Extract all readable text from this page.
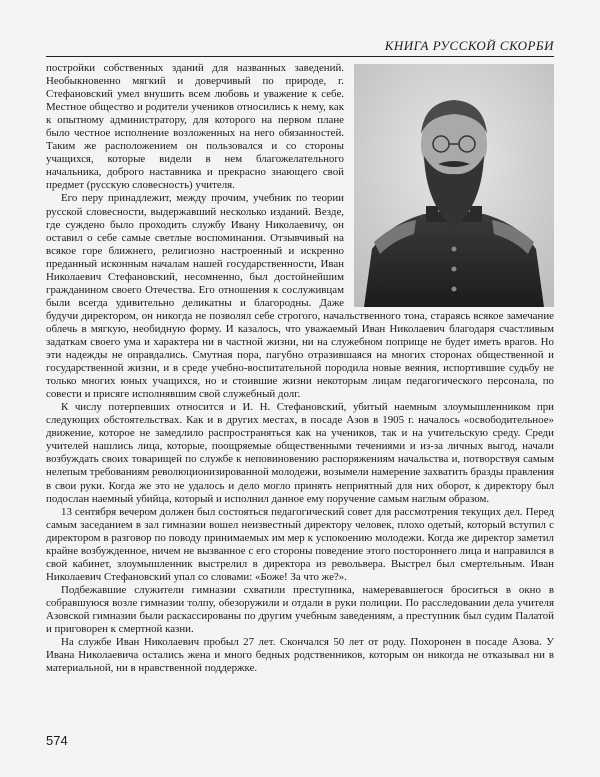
КНИГА РУССКОЙ СКОРБИ

постройки собственных зданий для названных заведений. Необыкновенно мягкий и доверчивый по природе, г. Стефановский умел внушить всем любовь и уважение к себе. Местное общество и родители учеников относились к нему, как к опытному администратору, для которого на первом плане было честное исполнение возложенных на него обязанностей. Таким же расположением он пользовался и со стороны учащихся, которые видели в нем благожелательного начальника, доброго наставника и прекрасно знающего свой предмет (русскую словесность) учителя.

Его перу принадлежит, между прочим, учебник по теории русской словесности, выдержавший несколько изданий. Везде, где суждено было проходить службу Ивану Николаевичу, он оставил о себе самые светлые воспоминания. Отзывчивый на всякое горе ближнего, религиозно настроенный и искренно преданный исконным началам нашей государственности, Иван Николаевич Стефановский, несомненно, был достойнейшим гражданином своего Отечества. Его отношения к сослуживцам были всегда удивительно деликатны и благородны. Даже будучи директором, он никогда не позволял себе строгого, начальственного тона, стараясь всякое замечание облечь в мягкую, необидную форму. И казалось, что уважаемый Иван Николаевич благодаря счастливым задаткам своего ума и характера ни в частной жизни, ни на служебном поприще не будет иметь врагов. Но эти надежды не оправдались. Смутная пора, пагубно отразившаяся на многих сторонах общественной и государственной жизни, и в среде учебно-воспитательной породила новые веяния, испортившие судьбу не только многих юных учащихся, но и стоившие жизни некоторым лицам педагогического персонала, по совести и присяге исполнявшим свой служебный долг.

К числу потерпевших относится и И. Н. Стефановский, убитый наемным злоумышленником при следующих обстоятельствах. Как и в других местах, в посаде Азов в 1905 г. началось «освободительное» движение, которое не замедлило распространяться как на учеников, так и на учительскую среду. Среди учителей нашлись лица, которые, поощряемые общественными течениями и из-за личных выгод, начали возбуждать своих товарищей по службе к неповиновению распоряжениям начальства и, потворствуя самым нелепым требованиям революционизированной молодежи, возымели намерение захватить бразды правления в свои руки. Когда же это не удалось и дело могло принять неприятный для них оборот, к директору был подослан наемный убийца, который и исполнил данное ему поручение самым наглым образом.

13 сентября вечером должен был состояться педагогический совет для рассмотрения текущих дел. Перед самым заседанием в зал гимназии вошел неизвестный директору человек, плохо одетый, который вступил с директором в разговор по поводу принимаемых им мер к успокоению молодежи. Когда же директор заметил крайне возбужденное, ничем не вызванное с его стороны поведение этого постороннего лица и направился в свой кабинет, злоумышленник выстрелил в директора из револьвера. Выстрел был смертельным. Иван Николаевич Стефановский упал со словами: «Боже! За что же?».

Подбежавшие служители гимназии схватили преступника, намеревавшегося броситься в окно в собравшуюся возле гимназии толпу, обезоружили и отдали в руки полиции. По расследовании дела учителя Азовской гимназии были раскассированы по другим учебным заведениям, а преступник был судим Палатой и приговорен к смертной казни.

На службе Иван Николаевич пробыл 27 лет. Скончался 50 лет от роду. Похоронен в посаде Азова. У Ивана Николаевича остались жена и много бедных родственников, которым он никогда не отказывал ни в материальной, ни в нравственной поддержке.

574
